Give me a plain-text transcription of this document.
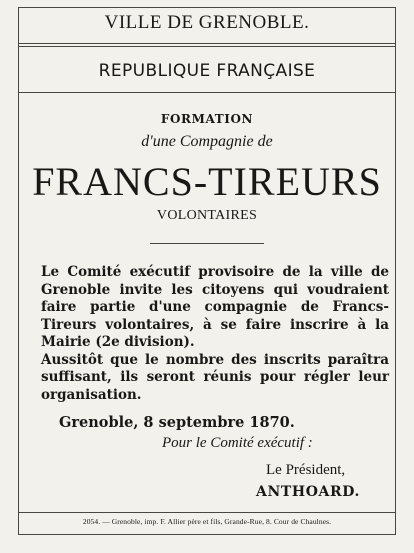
VILLE DE GRENOBLE.
REPUBLIQUE FRANÇAISE
FORMATION
d'une Compagnie de
FRANCS-TIREURS
VOLONTAIRES

Le Comité exécutif provisoire de la ville de Grenoble invite les citoyens qui voudraient faire partie d'une compagnie de Francs-Tireurs volontaires, à se faire inscrire à la Mairie (2e division).

Aussitôt que le nombre des inscrits paraîtra suffisant, ils seront réunis pour régler leur organisation.

Grenoble, 8 septembre 1870.
Pour le Comité exécutif :
Le Président,
ANTHOARD.
2054. — Grenoble, imp. F. Allier père et fils, Grande-Rue, 8. Cour de Chaulnes.
